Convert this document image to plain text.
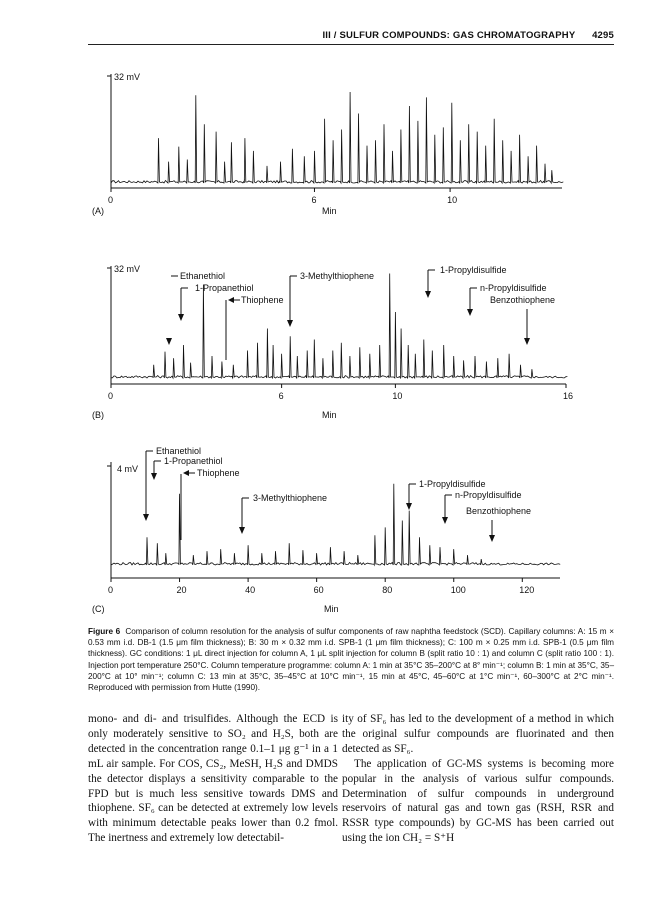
III / SULFUR COMPOUNDS: GAS CHROMATOGRAPHY 4295
32 mV
0	6	10
(A)	Min
32 mV
0	6	10	16
(B)	Min
Ethanethiol
1-Propanethiol
Thiophene
3-Methylthiophene
1-Propyldisulfide
n-Propyldisulfide
Benzothiophene
4 mV
0	20	40	60	80	100	120
(C)	Min
Ethanethiol
1-Propanethiol
Thiophene
3-Methylthiophene
1-Propyldisulfide
n-Propyldisulfide
Benzothiophene
Figure 6 Comparison of column resolution for the analysis of sulfur components of raw naphtha feedstock (SCD). Capillary columns: A: 15 m × 0.53 mm i.d. DB-1 (1.5 μm film thickness); B: 30 m × 0.32 mm i.d. SPB-1 (1 μm film thickness); C: 100 m × 0.25 mm i.d. SPB-1 (0.5 μm film thickness). GC conditions: 1 μL direct injection for column A, 1 μL split injection for column B (split ratio 10 : 1) and column C (split ratio 100 : 1). Injection port temperature 250°C. Column temperature programme: column A: 1 min at 35°C 35–200°C at 8° min⁻¹; column B: 1 min at 35°C, 35–200°C at 10° min⁻¹; column C: 13 min at 35°C, 35–45°C at 10°C min⁻¹, 15 min at 45°C, 45–60°C at 1°C min⁻¹, 60–300°C at 2°C min⁻¹. Reproduced with permission from Hutte (1990).

mono- and di- and trisulfides. Although the ECD is only moderately sensitive to SO₂ and H₂S, both are detected in the concentration range 0.1–1 μg g⁻¹ in a 1 mL air sample. For COS, CS₂, MeSH, H₂S and DMDS the detector displays a sensitivity comparable to the FPD but is much less sensitive towards DMS and thiophene. SF₆ can be detected at extremely low levels with minimum detectable peaks lower than 0.2 fmol. The inertness and extremely low detectabil-

ity of SF₆ has led to the development of a method in which the original sulfur compounds are fluorinated and then detected as SF₆.

The application of GC-MS systems is becoming more popular in the analysis of various sulfur compounds. Determination of sulfur compounds in underground reservoirs of natural gas and town gas (RSH, RSR and RSSR type compounds) by GC-MS has been carried out using the ion CH₂ = S⁺H
